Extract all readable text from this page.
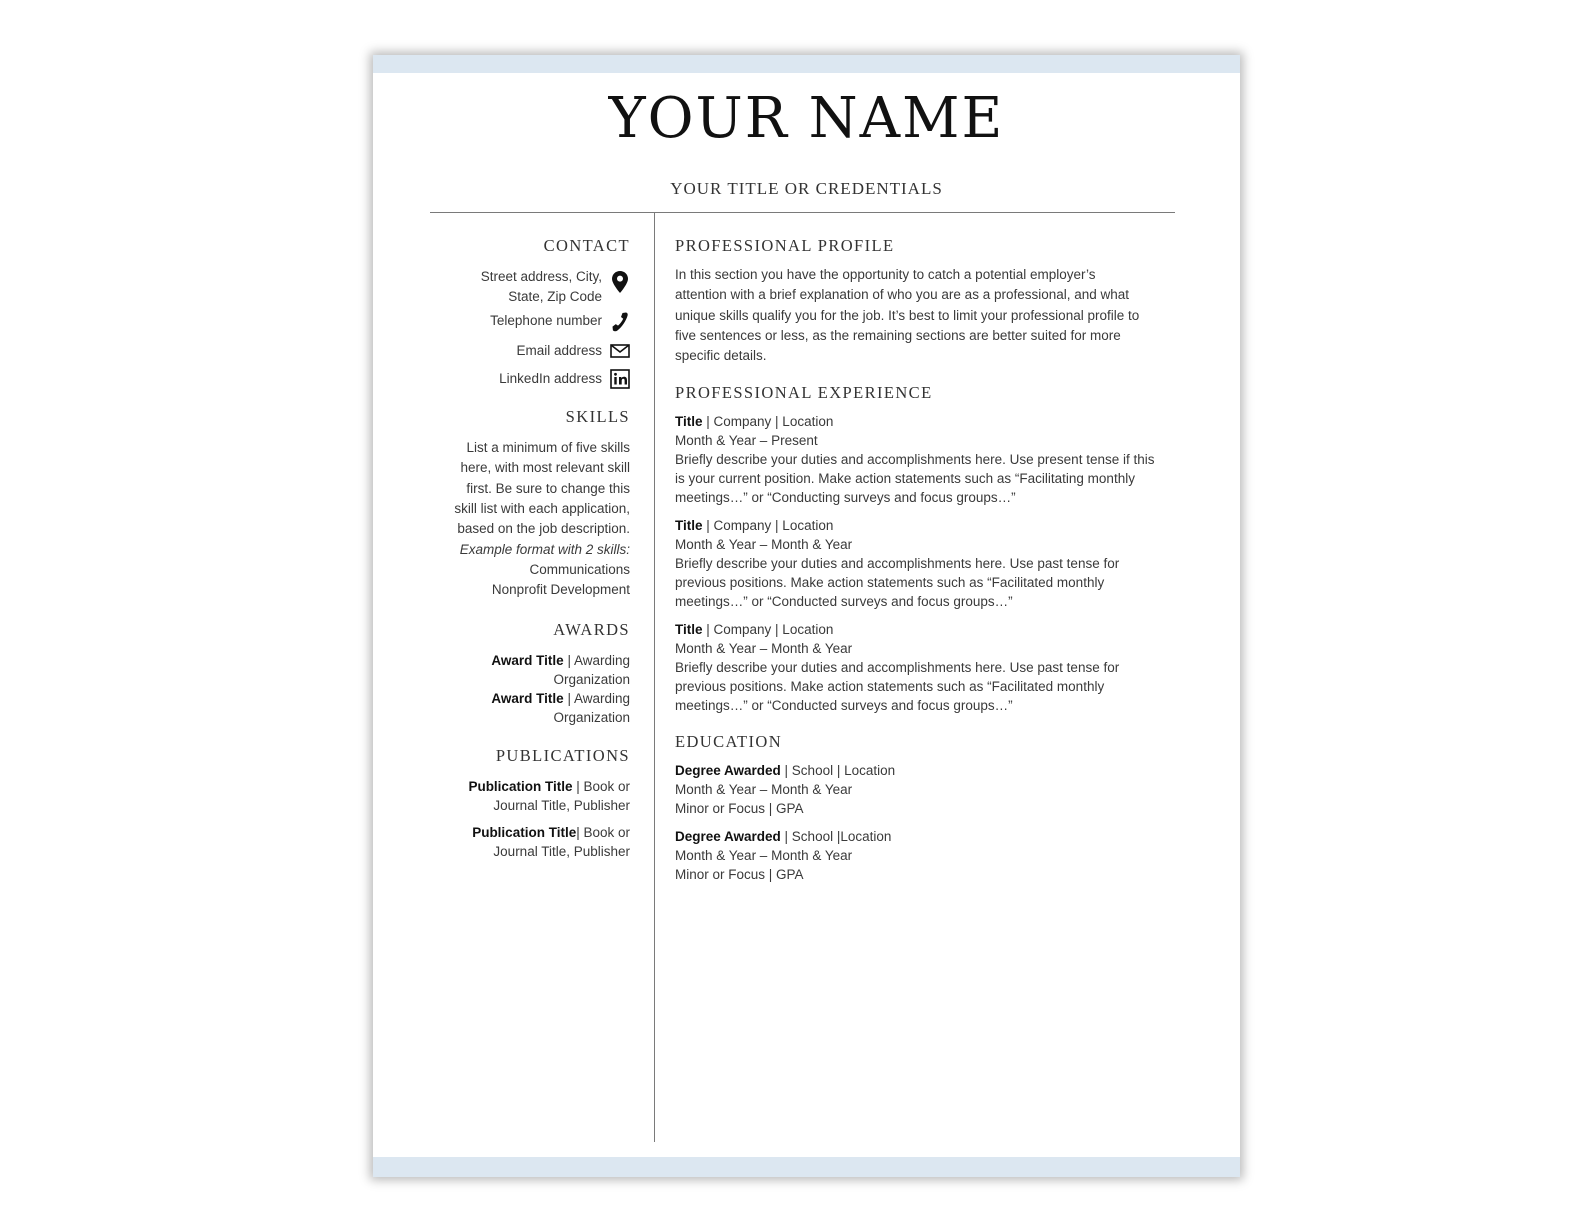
YOUR NAME
YOUR TITLE OR CREDENTIALS
CONTACT
Street address, City,
State, Zip Code
Telephone number
Email address
LinkedIn address
SKILLS
List a minimum of five skills
here, with most relevant skill
first. Be sure to change this
skill list with each application,
based on the job description.
Example format with 2 skills:
Communications
Nonprofit Development
AWARDS
Award Title | Awarding
Organization
Award Title | Awarding
Organization
PUBLICATIONS
Publication Title | Book or
Journal Title, Publisher
Publication Title| Book or
Journal Title, Publisher
PROFESSIONAL PROFILE
In this section you have the opportunity to catch a potential employer’s
attention with a brief explanation of who you are as a professional, and what
unique skills qualify you for the job. It’s best to limit your professional profile to
five sentences or less, as the remaining sections are better suited for more
specific details.
PROFESSIONAL EXPERIENCE
Title | Company | Location
Month & Year – Present
Briefly describe your duties and accomplishments here. Use present tense if this
is your current position. Make action statements such as “Facilitating monthly
meetings…” or “Conducting surveys and focus groups…”
Title | Company | Location
Month & Year – Month & Year
Briefly describe your duties and accomplishments here. Use past tense for
previous positions. Make action statements such as “Facilitated monthly
meetings…” or “Conducted surveys and focus groups…”
Title | Company | Location
Month & Year – Month & Year
Briefly describe your duties and accomplishments here. Use past tense for
previous positions. Make action statements such as “Facilitated monthly
meetings…” or “Conducted surveys and focus groups…”
EDUCATION
Degree Awarded | School | Location
Month & Year – Month & Year
Minor or Focus | GPA
Degree Awarded | School |Location
Month & Year – Month & Year
Minor or Focus | GPA
